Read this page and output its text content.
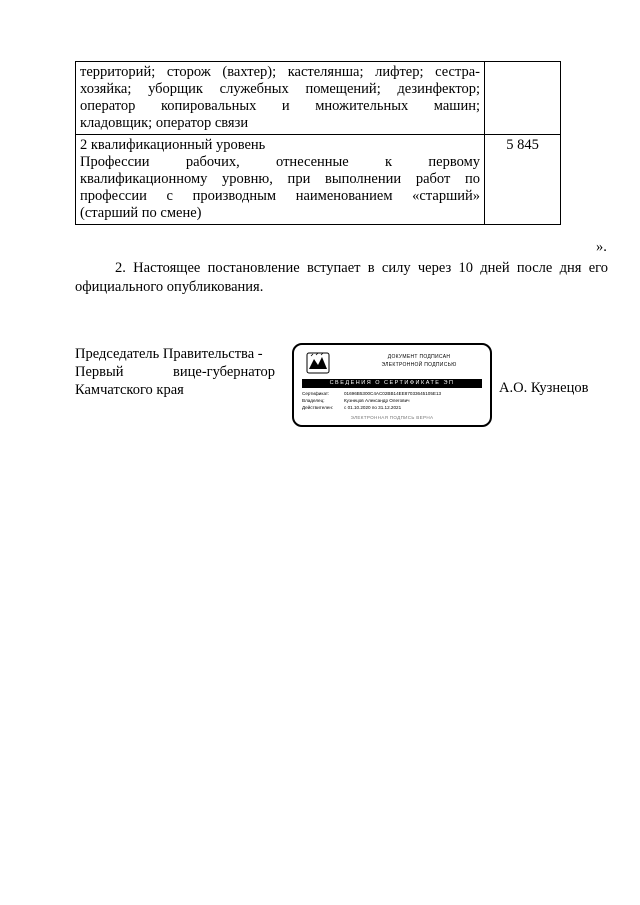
территорий; сторож (вахтер); кастелянша; лифтер; сестра-
хозяйка; уборщик служебных помещений; дезинфектор;
оператор копировальных и множительных машин;
кладовщик; оператор связи	

2 квалификационный уровень
Профессии рабочих, отнесенные к первому
квалификационному уровню, при выполнении работ по
профессии с производным наименованием «старший»
(старший по смене)	5 845
».
2. Настоящее постановление вступает в силу через 10 дней после дня его
официального опубликования.
Председатель Правительства -
Первый вице-губернатор
Камчатского края
ДОКУМЕНТ ПОДПИСАН
ЭЛЕКТРОННОЙ ПОДПИСЬЮ
СВЕДЕНИЯ О СЕРТИФИКАТЕ ЭП
Сертификат:	01696B5300C4AC02BB14EE87033645105E13
Владелец:	Кузнецов Александр Олегович
Действителен: с 01.10.2020 по 31.12.2021
ЭЛЕКТРОННАЯ ПОДПИСЬ ВЕРНА
А.О. Кузнецов
